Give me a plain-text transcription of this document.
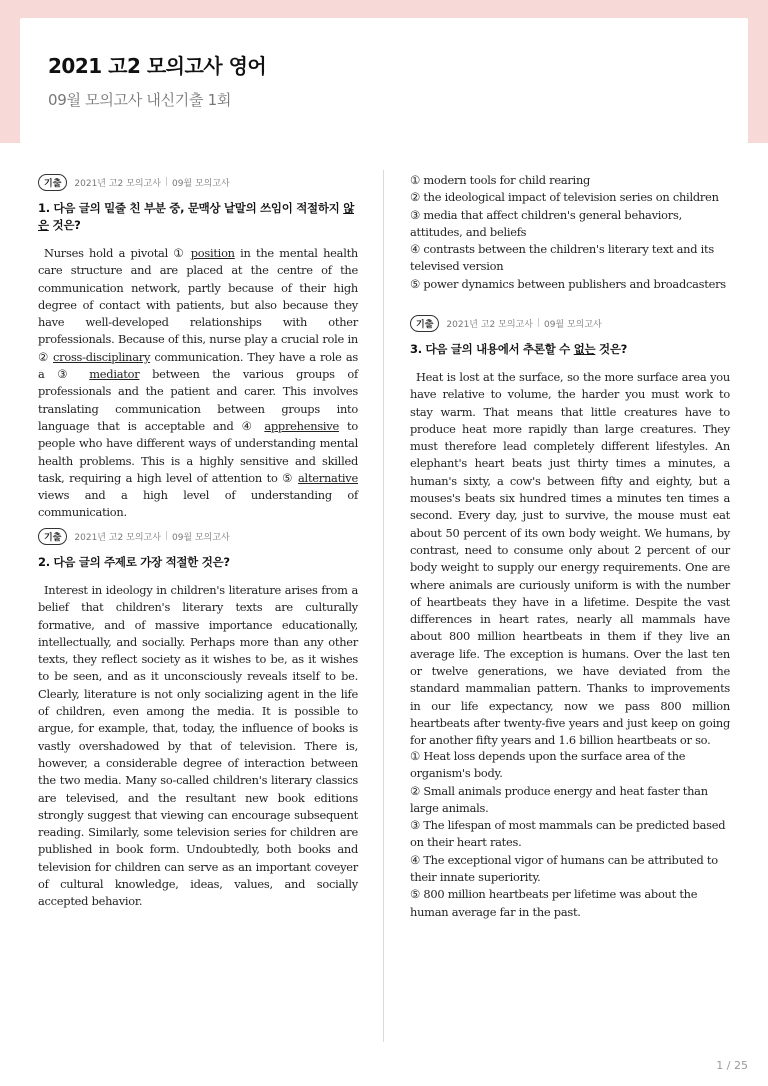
2021 고2 모의고사 영어
09월 모의고사 내신기출 1회
기출	2021년 고2 모의고사 | 09월 모의고사
1. 다음 글의 밑줄 친 부분 중, 문맥상 낱말의 쓰임이 적절하지 않은 것은?
Nurses hold a pivotal ① position in the mental health care structure and are placed at the centre of the communication network, partly because of their high degree of contact with patients, but also because they have well-developed relationships with other professionals. Because of this, nurse play a crucial role in ② cross-disciplinary communication. They have a role as a ③ mediator between the various groups of professionals and the patient and carer. This involves translating communication between groups into language that is acceptable and ④ apprehensive to people who have different ways of understanding mental health problems. This is a highly sensitive and skilled task, requiring a high level of attention to ⑤ alternative views and a high level of understanding of communication.
기출	2021년 고2 모의고사 | 09월 모의고사
2. 다음 글의 주제로 가장 적절한 것은?
Interest in ideology in children's literature arises from a belief that children's literary texts are culturally formative, and of massive importance educationally, intellectually, and socially. Perhaps more than any other texts, they reflect society as it wishes to be, as it wishes to be seen, and as it unconsciously reveals itself to be. Clearly, literature is not only socializing agent in the life of children, even among the media. It is possible to argue, for example, that, today, the influence of books is vastly overshadowed by that of television. There is, however, a considerable degree of interaction between the two media. Many so-called children's literary classics are televised, and the resultant new book editions strongly suggest that viewing can encourage subsequent reading. Similarly, some television series for children are published in book form. Undoubtedly, both books and television for children can serve as an important coveyer of cultural knowledge, ideas, values, and socially accepted behavior.
① modern tools for child rearing
② the ideological impact of television series on children
③ media that affect children's general behaviors, attitudes, and beliefs
④ contrasts between the children's literary text and its televised version
⑤ power dynamics between publishers and broadcasters
기출	2021년 고2 모의고사 | 09월 모의고사
3. 다음 글의 내용에서 추론할 수 없는 것은?
Heat is lost at the surface, so the more surface area you have relative to volume, the harder you must work to stay warm. That means that little creatures have to produce heat more rapidly than large creatures. They must therefore lead completely different lifestyles. An elephant's heart beats just thirty times a minutes, a human's sixty, a cow's between fifty and eighty, but a mouses's beats six hundred times a minutes ten times a second. Every day, just to survive, the mouse must eat about 50 percent of its own body weight. We humans, by contrast, need to consume only about 2 percent of our body weight to supply our energy requirements. One are where animals are curiously uniform is with the number of heartbeats they have in a lifetime. Despite the vast differences in heart rates, nearly all mammals have about 800 million heartbeats in them if they live an average life. The exception is humans. Over the last ten or twelve generations, we have deviated from the standard mammalian pattern. Thanks to improvements in our life expectancy, now we pass 800 million heartbeats after twenty-five years and just keep on going for another fifty years and 1.6 billion heartbeats or so.
① Heat loss depends upon the surface area of the organism's body.
② Small animals produce energy and heat faster than large animals.
③ The lifespan of most mammals can be predicted based on their heart rates.
④ The exceptional vigor of humans can be attributed to their innate superiority.
⑤ 800 million heartbeats per lifetime was about the human average far in the past.
1 / 25
